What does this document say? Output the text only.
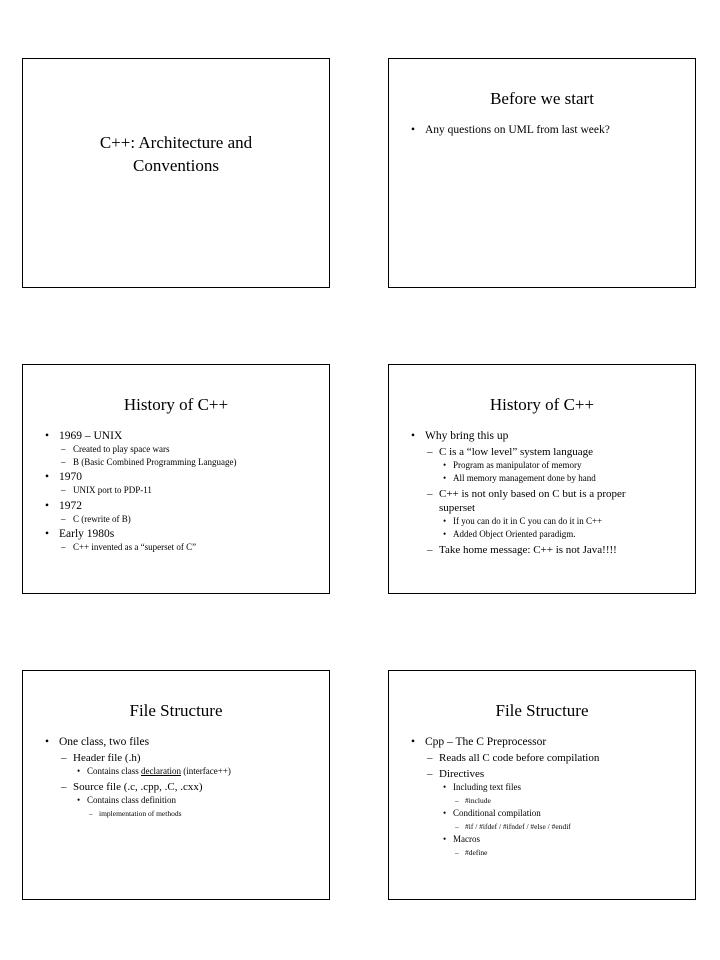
C++: Architecture and
Conventions
Before we start
• Any questions on UML from last week?
History of C++
• 1969 – UNIX
– Created to play space wars
– B (Basic Combined Programming Language)
• 1970
– UNIX port to PDP-11
• 1972
– C (rewrite of B)
• Early 1980s
– C++ invented as a “superset of C”
History of C++
• Why bring this up
– C is a “low level” system language
• Program as manipulator of memory
• All memory management done by hand
– C++ is not only based on C but is a proper
superset
• If you can do it in C you can do it in C++
• Added Object Oriented paradigm.
– Take home message: C++ is not Java!!!!
File Structure
• One class, two files
– Header file (.h)
• Contains class declaration (interface++)
– Source file (.c, .cpp, .C, .cxx)
• Contains class definition
– implementation of methods
File Structure
• Cpp – The C Preprocessor
– Reads all C code before compilation
– Directives
• Including text files
– #include
• Conditional compilation
– #if / #ifdef / #ifndef / #else / #endif
• Macros
– #define
